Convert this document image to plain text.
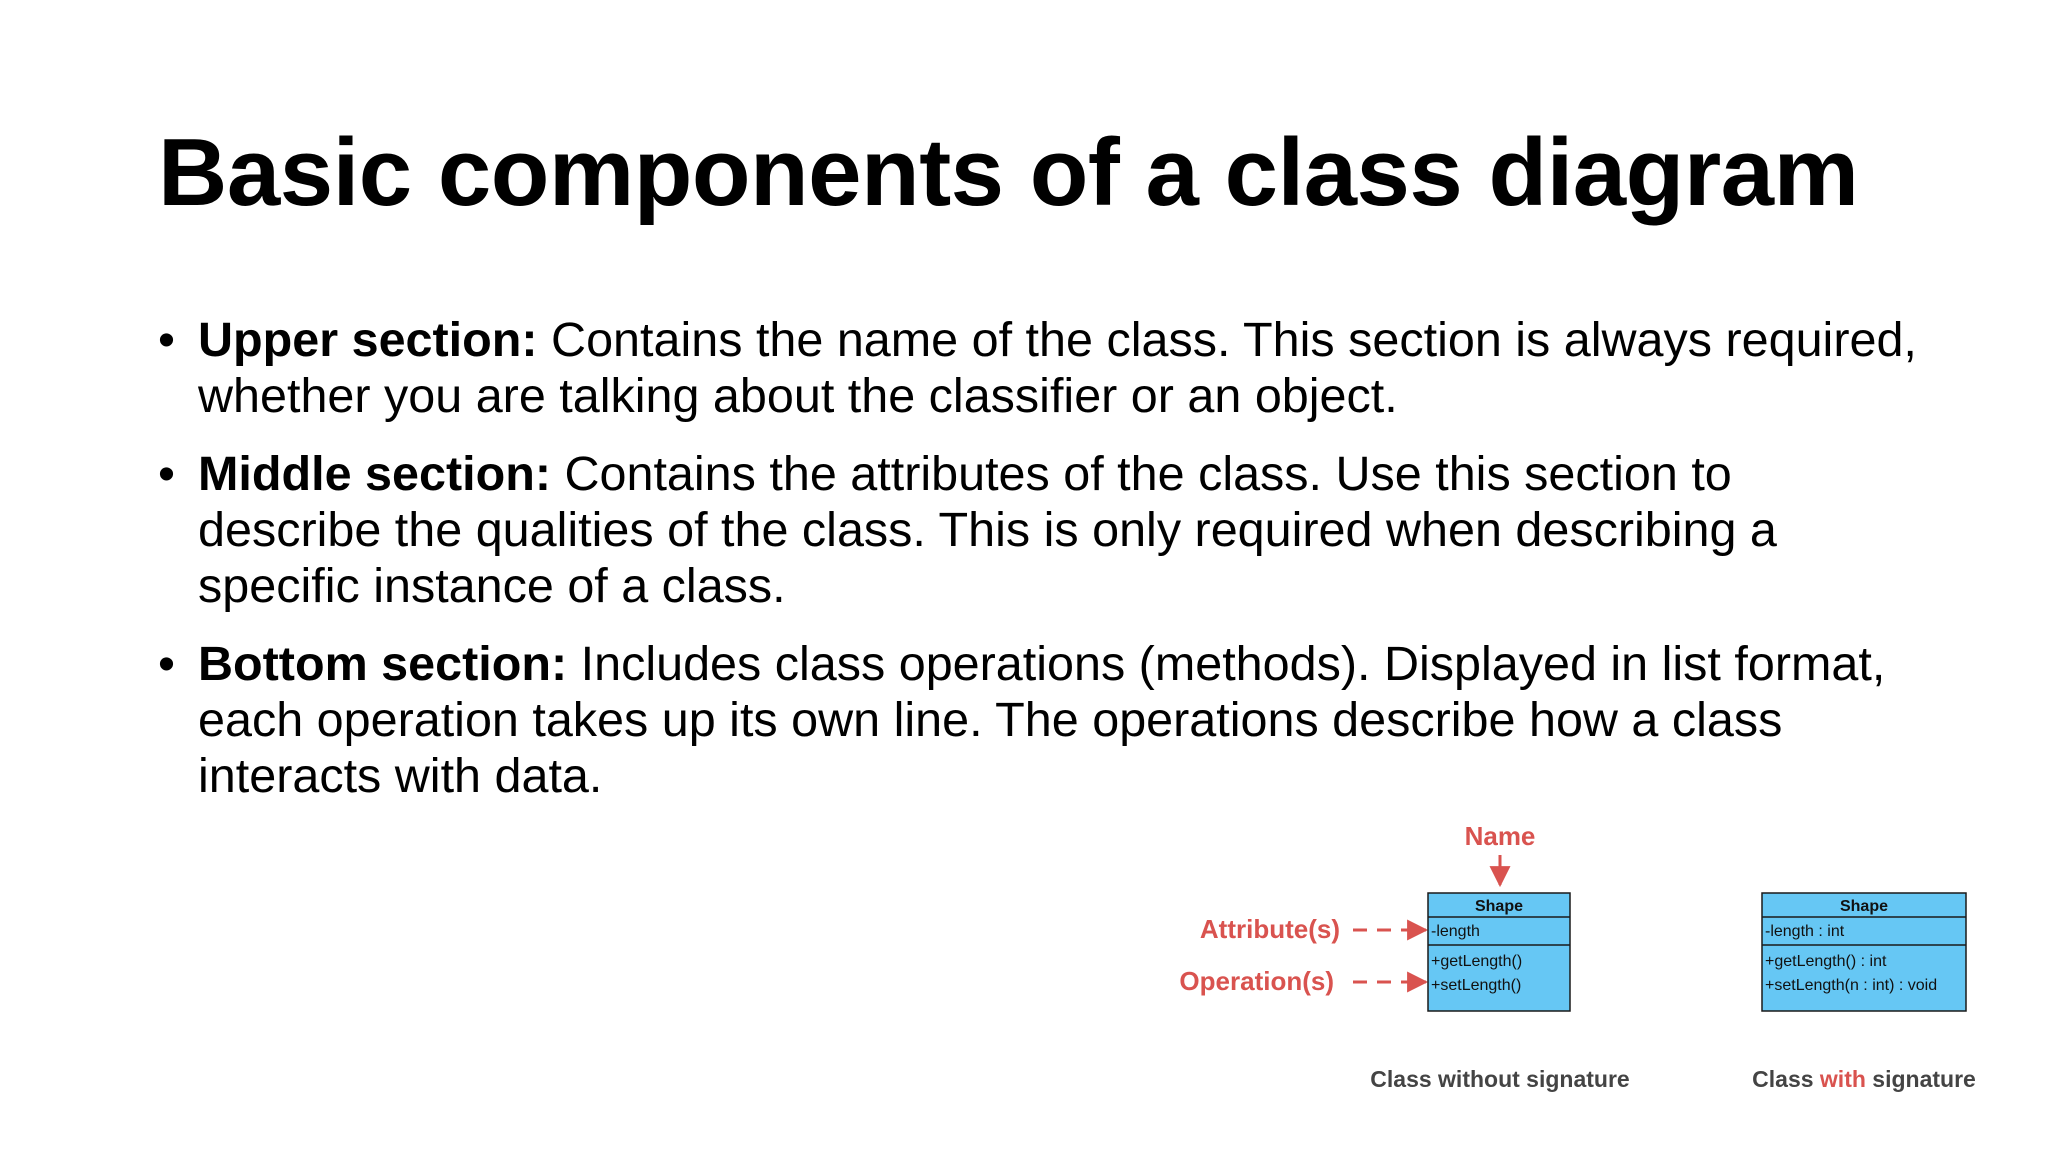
Basic components of a class diagram
• Upper section: Contains the name of the class. This section is always required, whether you are talking about the classifier or an object.
• Middle section: Contains the attributes of the class. Use this section to describe the qualities of the class. This is only required when describing a specific instance of a class.
• Bottom section: Includes class operations (methods). Displayed in list format, each operation takes up its own line. The operations describe how a class interacts with data.
Name
Attribute(s)
Operation(s)
Shape
-length
+getLength()
+setLength()
Shape
-length : int
+getLength() : int
+setLength(n : int) : void
Class without signature	Class with signature
